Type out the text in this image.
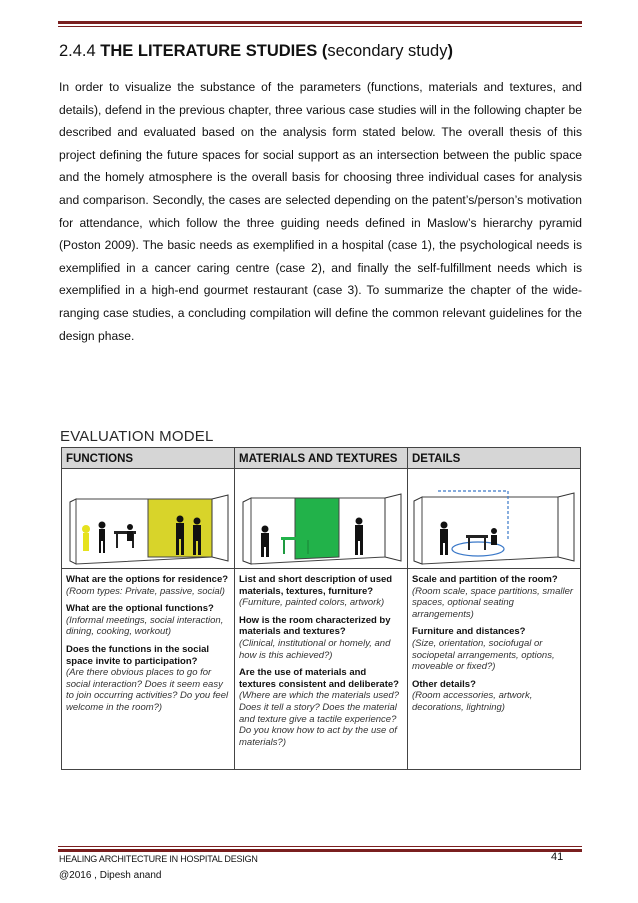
2.4.4 THE LITERATURE STUDIES (secondary study)
In order to visualize the substance of the parameters (functions, materials and textures, and details), defend in the previous chapter, three various case studies will in the following chapter be described and evaluated based on the analysis form stated below. The overall thesis of this project defining the future spaces for social support as an intersection between the public space and the homely atmosphere is the overall basis for choosing three individual cases for analysis and comparison. Secondly, the cases are selected depending on the patent’s/person’s motivation for attendance, which follow the three guiding needs defined in Maslow’s hierarchy pyramid (Poston 2009). The basic needs as exemplified in a hospital (case 1), the psychological needs is exemplified in a cancer caring centre (case 2), and finally the self-fulfillment needs which is exemplified in a high-end gourmet restaurant (case 3). To summarize the chapter of the wide-ranging case studies, a concluding compilation will define the common relevant guidelines for the design phase.
EVALUATION MODEL
FUNCTIONS
What are the options for residence?
(Room types: Private, passive, social)
What are the optional functions?
(Informal meetings, social interaction, dining, cooking, workout)
Does the functions in the social space invite to participation?
(Are there obvious places to go for social interaction? Does it seem easy to join occurring activities? Do you feel welcome in the room?)
MATERIALS AND TEXTURES
List and short description of used materials, textures, furniture?
(Furniture, painted colors, artwork)
How is the room characterized by materials and textures?
(Clinical, institutional or homely, and how is this achieved?)
Are the use of materials and textures consistent and deliberate?
(Where are which the materials used? Does it tell a story? Does the material and texture give a tactile experience? Do you know how to act by the use of materials?)
DETAILS
Scale and partition of the room?
(Room scale, space partitions, smaller spaces, optional seating arrangements)
Furniture and distances?
(Size, orientation, sociofugal or sociopetal arrangements, options, moveable or fixed?)
Other details?
(Room accessories, artwork, decorations, lightning)
HEALING ARCHITECTURE IN HOSPITAL DESIGN
@2016 , Dipesh anand
41
